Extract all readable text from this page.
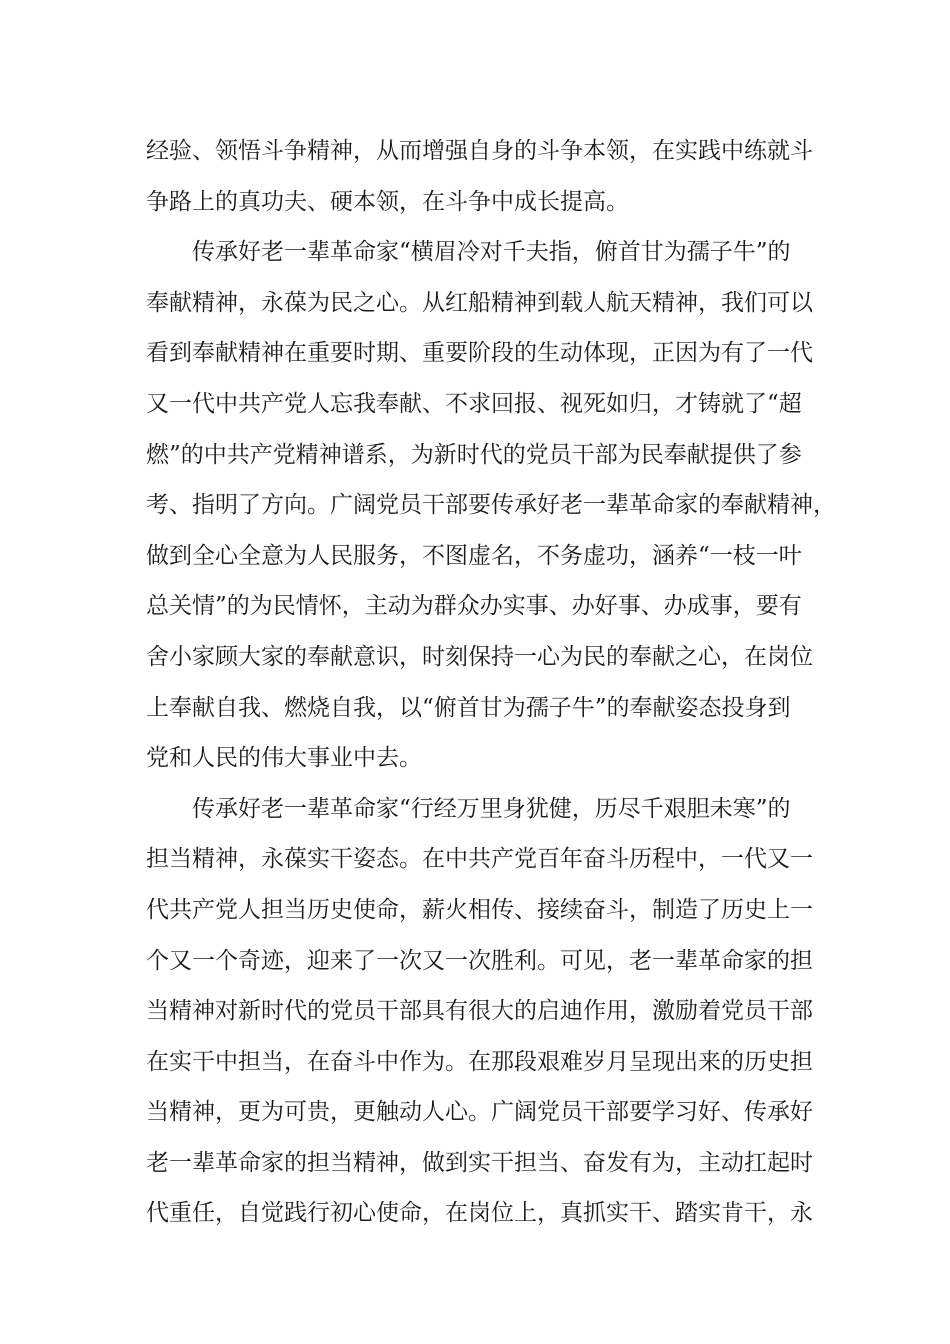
经验、领悟斗争精神，从而增强自身的斗争本领，在实践中练就斗
争路上的真功夫、硬本领，在斗争中成长提高。
传承好老一辈革命家“横眉冷对千夫指，俯首甘为孺子牛”的
奉献精神，永葆为民之心。从红船精神到载人航天精神，我们可以
看到奉献精神在重要时期、重要阶段的生动体现，正因为有了一代
又一代中共产党人忘我奉献、不求回报、视死如归，才铸就了“超
燃”的中共产党精神谱系，为新时代的党员干部为民奉献提供了参
考、指明了方向。广阔党员干部要传承好老一辈革命家的奉献精神，
做到全心全意为人民服务，不图虚名，不务虚功，涵养“一枝一叶
总关情”的为民情怀，主动为群众办实事、办好事、办成事，要有
舍小家顾大家的奉献意识，时刻保持一心为民的奉献之心，在岗位
上奉献自我、燃烧自我，以“俯首甘为孺子牛”的奉献姿态投身到
党和人民的伟大事业中去。
传承好老一辈革命家“行经万里身犹健，历尽千艰胆未寒”的
担当精神，永葆实干姿态。在中共产党百年奋斗历程中，一代又一
代共产党人担当历史使命，薪火相传、接续奋斗，制造了历史上一
个又一个奇迹，迎来了一次又一次胜利。可见，老一辈革命家的担
当精神对新时代的党员干部具有很大的启迪作用，激励着党员干部
在实干中担当，在奋斗中作为。在那段艰难岁月呈现出来的历史担
当精神，更为可贵，更触动人心。广阔党员干部要学习好、传承好
老一辈革命家的担当精神，做到实干担当、奋发有为，主动扛起时
代重任，自觉践行初心使命，在岗位上，真抓实干、踏实肯干，永
